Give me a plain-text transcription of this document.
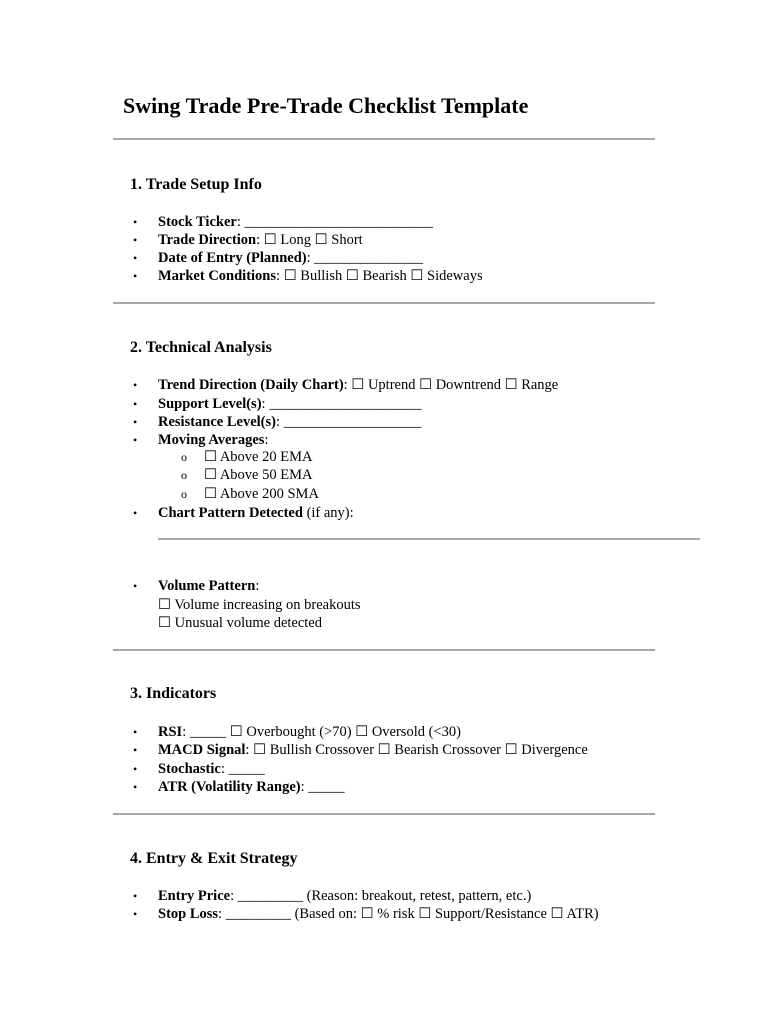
Swing Trade Pre-Trade Checklist Template
1. Trade Setup Info
• Stock Ticker: __________________________
• Trade Direction: ☐ Long ☐ Short
• Date of Entry (Planned): _______________
• Market Conditions: ☐ Bullish ☐ Bearish ☐ Sideways
2. Technical Analysis
• Trend Direction (Daily Chart): ☐ Uptrend ☐ Downtrend ☐ Range
• Support Level(s): _____________________
• Resistance Level(s): ___________________
• Moving Averages:
o ☐ Above 20 EMA
o ☐ Above 50 EMA
o ☐ Above 200 SMA
• Chart Pattern Detected (if any):
• Volume Pattern:
☐ Volume increasing on breakouts
☐ Unusual volume detected
3. Indicators
• RSI: _____ ☐ Overbought (>70) ☐ Oversold (<30)
• MACD Signal: ☐ Bullish Crossover ☐ Bearish Crossover ☐ Divergence
• Stochastic: _____
• ATR (Volatility Range): _____
4. Entry & Exit Strategy
• Entry Price: _________ (Reason: breakout, retest, pattern, etc.)
• Stop Loss: _________ (Based on: ☐ % risk ☐ Support/Resistance ☐ ATR)
